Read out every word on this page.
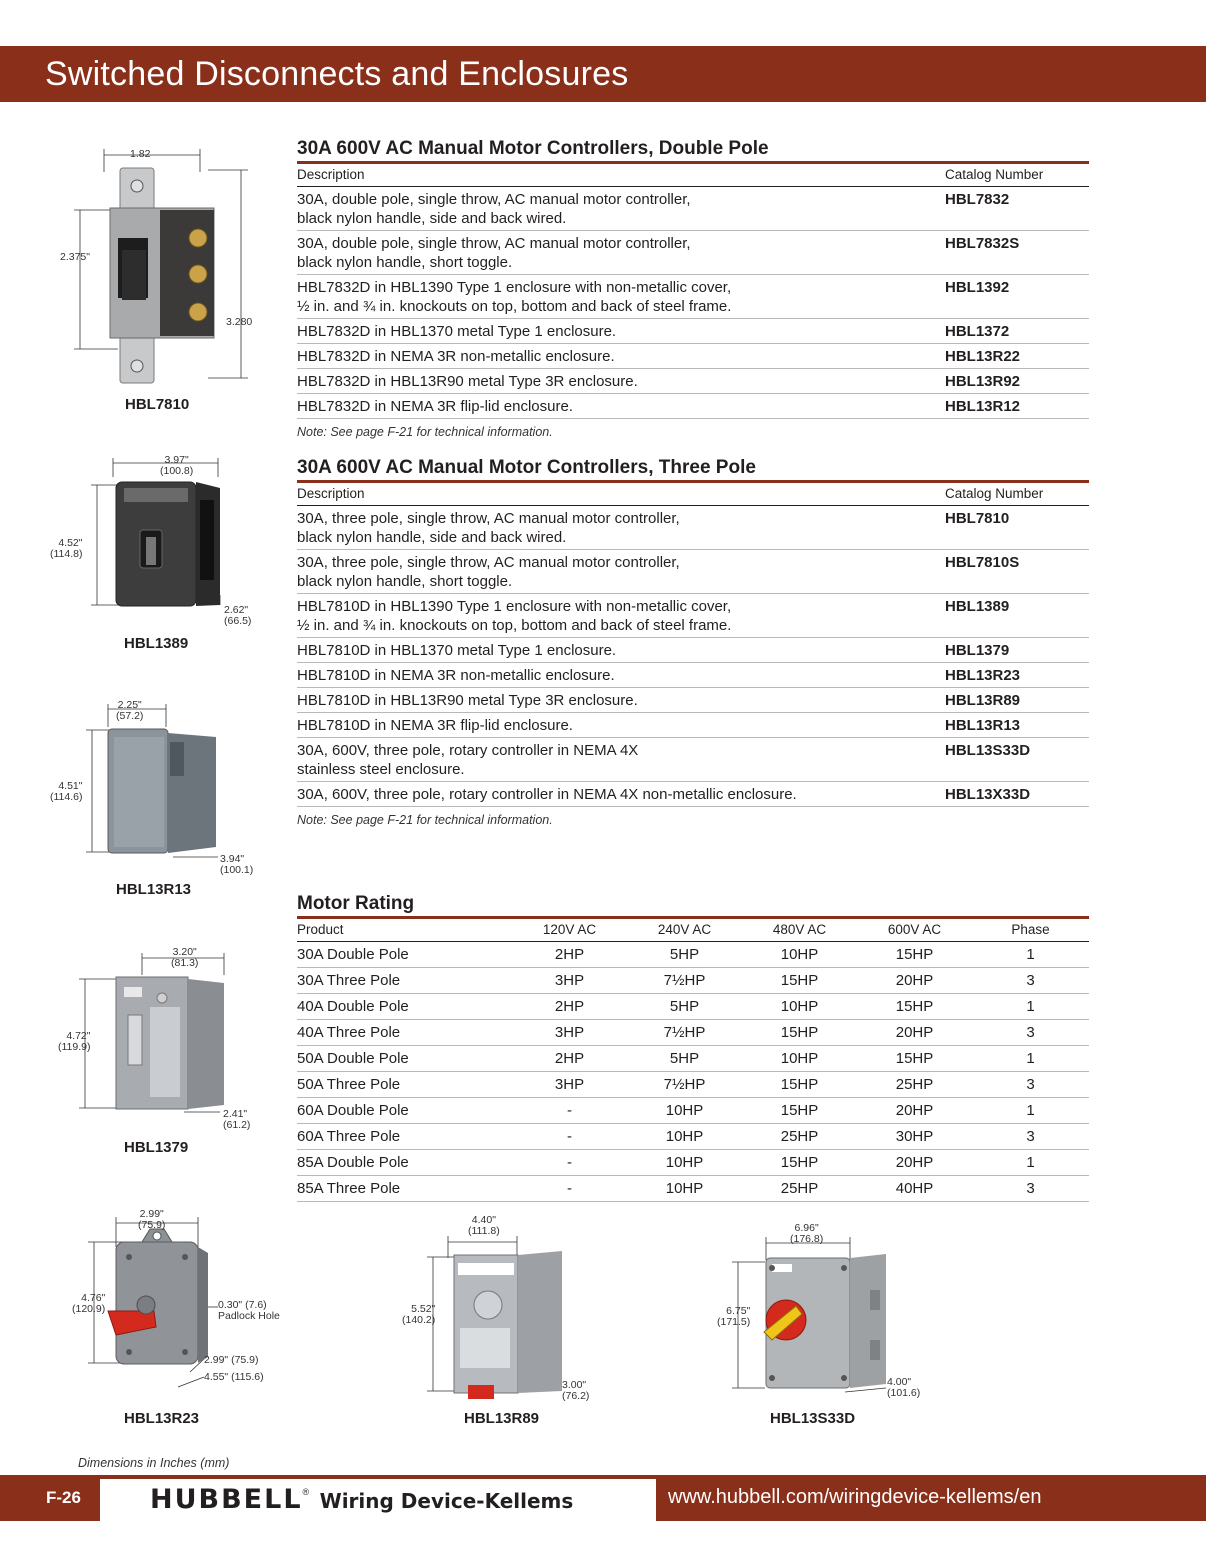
Switched Disconnects and Enclosures
1.82
2.375"
3.280
HBL7810
3.97"
(100.8)
4.52"
(114.8)
2.62"
(66.5)
HBL1389
2.25"
(57.2)
4.51"
(114.6)
3.94"
(100.1)
HBL13R13
3.20"
(81.3)
4.72"
(119.9)
2.41"
(61.2)
HBL1379
2.99"
(75.9)
4.76"
(120.9)	0.30" (7.6)
Padlock Hole
2.99" (75.9)
4.55" (115.6)
HBL13R23
4.40"
(111.8)
5.52"
(140.2)
3.00"
(76.2)
HBL13R89
6.96"
(176.8)
6.75"
(171.5)
4.00"
(101.6)
HBL13S33D
30A 600V AC Manual Motor Controllers, Double Pole
Description	Catalog Number
30A, double pole, single throw, AC manual motor controller,
black nylon handle, side and back wired.	HBL7832
30A, double pole, single throw, AC manual motor controller,
black nylon handle, short toggle.	HBL7832S
HBL7832D in HBL1390 Type 1 enclosure with non-metallic cover,
½ in. and ¾ in. knockouts on top, bottom and back of steel frame.	HBL1392
HBL7832D in HBL1370 metal Type 1 enclosure.	HBL1372
HBL7832D in NEMA 3R non-metallic enclosure.	HBL13R22
HBL7832D in HBL13R90 metal Type 3R enclosure.	HBL13R92
HBL7832D in NEMA 3R flip-lid enclosure.	HBL13R12
Note: See page F-21 for technical information.
30A 600V AC Manual Motor Controllers, Three Pole
Description	Catalog Number
30A, three pole, single throw, AC manual motor controller,
black nylon handle, side and back wired.	HBL7810
30A, three pole, single throw, AC manual motor controller,
black nylon handle, short toggle.	HBL7810S
HBL7810D in HBL1390 Type 1 enclosure with non-metallic cover,
½ in. and ¾ in. knockouts on top, bottom and back of steel frame.	HBL1389
HBL7810D in HBL1370 metal Type 1 enclosure.	HBL1379
HBL7810D in NEMA 3R non-metallic enclosure.	HBL13R23
HBL7810D in HBL13R90 metal Type 3R enclosure.	HBL13R89
HBL7810D in NEMA 3R flip-lid enclosure.	HBL13R13
30A, 600V, three pole, rotary controller in NEMA 4X
stainless steel enclosure.	HBL13S33D
30A, 600V, three pole, rotary controller in NEMA 4X non-metallic enclosure.	HBL13X33D
Note: See page F-21 for technical information.
Motor Rating
Product	120V AC	240V AC	480V AC	600V AC	Phase
30A Double Pole	2HP	5HP	10HP	15HP	1
30A Three Pole	3HP	7½HP	15HP	20HP	3
40A Double Pole	2HP	5HP	10HP	15HP	1
40A Three Pole	3HP	7½HP	15HP	20HP	3
50A Double Pole	2HP	5HP	10HP	15HP	1
50A Three Pole	3HP	7½HP	15HP	25HP	3
60A Double Pole	-	10HP	15HP	20HP	1
60A Three Pole	-	10HP	25HP	30HP	3
85A Double Pole	-	10HP	15HP	20HP	1
85A Three Pole	-	10HP	25HP	40HP	3
Dimensions in Inches (mm)
F-26	HUBBELL® Wiring Device-Kellems	www.hubbell.com/wiringdevice-kellems/en
